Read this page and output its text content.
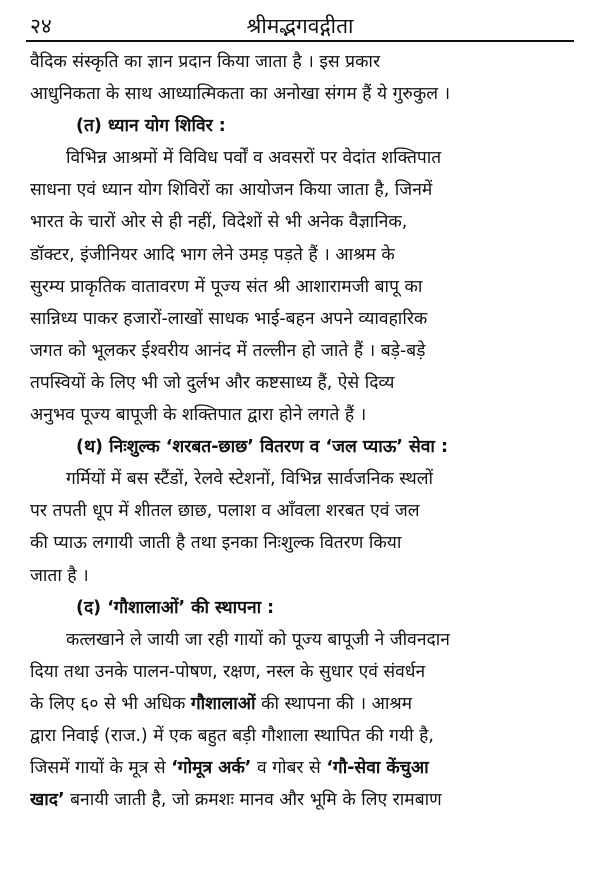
२४	श्रीमद्भगवद्गीता
वैदिक संस्कृति का ज्ञान प्रदान किया जाता है । इस प्रकार
आधुनिकता के साथ आध्यात्मिकता का अनोखा संगम हैं ये गुरुकुल ।
(त) ध्यान योग शिविर :
विभिन्न आश्रमों में विविध पर्वों व अवसरों पर वेदांत शक्तिपात
साधना एवं ध्यान योग शिविरों का आयोजन किया जाता है, जिनमें
भारत के चारों ओर से ही नहीं, विदेशों से भी अनेक वैज्ञानिक,
डॉक्टर, इंजीनियर आदि भाग लेने उमड़ पड़ते हैं । आश्रम के
सुरम्य प्राकृतिक वातावरण में पूज्य संत श्री आशारामजी बापू का
सान्निध्य पाकर हजारों-लाखों साधक भाई-बहन अपने व्यावहारिक
जगत को भूलकर ईश्वरीय आनंद में तल्लीन हो जाते हैं । बड़े-बड़े
तपस्वियों के लिए भी जो दुर्लभ और कष्टसाध्य हैं, ऐसे दिव्य
अनुभव पूज्य बापूजी के शक्तिपात द्वारा होने लगते हैं ।
(थ) निःशुल्क ‘शरबत-छाछ’ वितरण व ‘जल प्याऊ’ सेवा :
गर्मियों में बस स्टैंडों, रेलवे स्टेशनों, विभिन्न सार्वजनिक स्थलों
पर तपती धूप में शीतल छाछ, पलाश व आँवला शरबत एवं जल
की प्याऊ लगायी जाती है तथा इनका निःशुल्क वितरण किया
जाता है ।
(द) ‘गौशालाओं’ की स्थापना :
कत्लखाने ले जायी जा रही गायों को पूज्य बापूजी ने जीवनदान
दिया तथा उनके पालन-पोषण, रक्षण, नस्ल के सुधार एवं संवर्धन
के लिए ६० से भी अधिक गौशालाओं की स्थापना की । आश्रम
द्वारा निवाई (राज.) में एक बहुत बड़ी गौशाला स्थापित की गयी है,
जिसमें गायों के मूत्र से ‘गोमूत्र अर्क’ व गोबर से ‘गौ-सेवा केंचुआ
खाद’ बनायी जाती है, जो क्रमशः मानव और भूमि के लिए रामबाण
